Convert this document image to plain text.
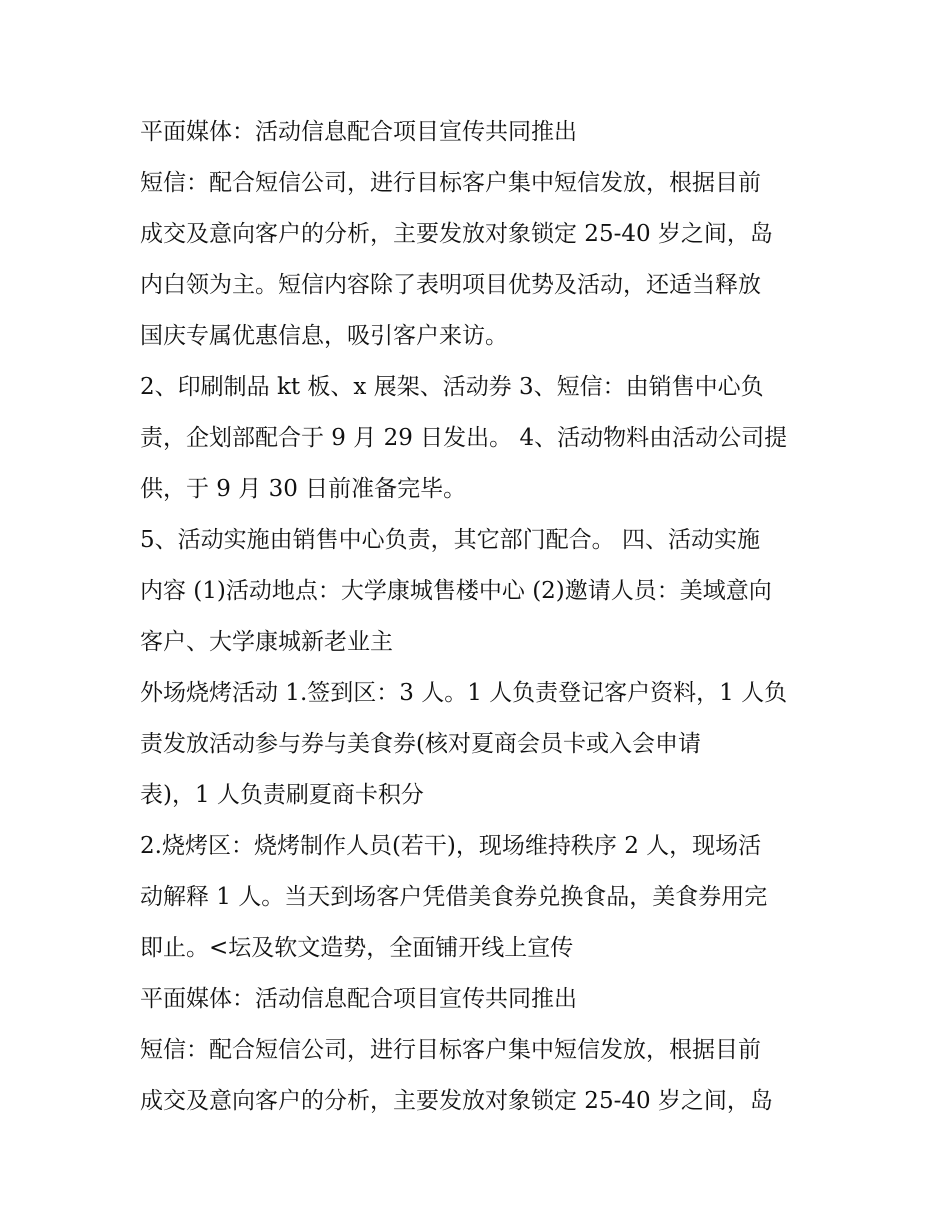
平面媒体：活动信息配合项目宣传共同推出
短信：配合短信公司，进行目标客户集中短信发放，根据目前
成交及意向客户的分析，主要发放对象锁定 25-40 岁之间，岛
内白领为主。短信内容除了表明项目优势及活动，还适当释放
国庆专属优惠信息，吸引客户来访。
2、印刷制品 kt 板、x 展架、活动券 3、短信：由销售中心负
责，企划部配合于 9 月 29 日发出。 4、活动物料由活动公司提
供，于 9 月 30 日前准备完毕。
5、活动实施由销售中心负责，其它部门配合。 四、活动实施
内容 (1)活动地点：大学康城售楼中心 (2)邀请人员：美域意向
客户、大学康城新老业主
外场烧烤活动 1.签到区：3 人。1 人负责登记客户资料，1 人负
责发放活动参与券与美食券(核对夏商会员卡或入会申请
表)，1 人负责刷夏商卡积分
2.烧烤区：烧烤制作人员(若干)，现场维持秩序 2 人，现场活
动解释 1 人。当天到场客户凭借美食券兑换食品，美食券用完
即止。<坛及软文造势，全面铺开线上宣传
平面媒体：活动信息配合项目宣传共同推出
短信：配合短信公司，进行目标客户集中短信发放，根据目前
成交及意向客户的分析，主要发放对象锁定 25-40 岁之间，岛
